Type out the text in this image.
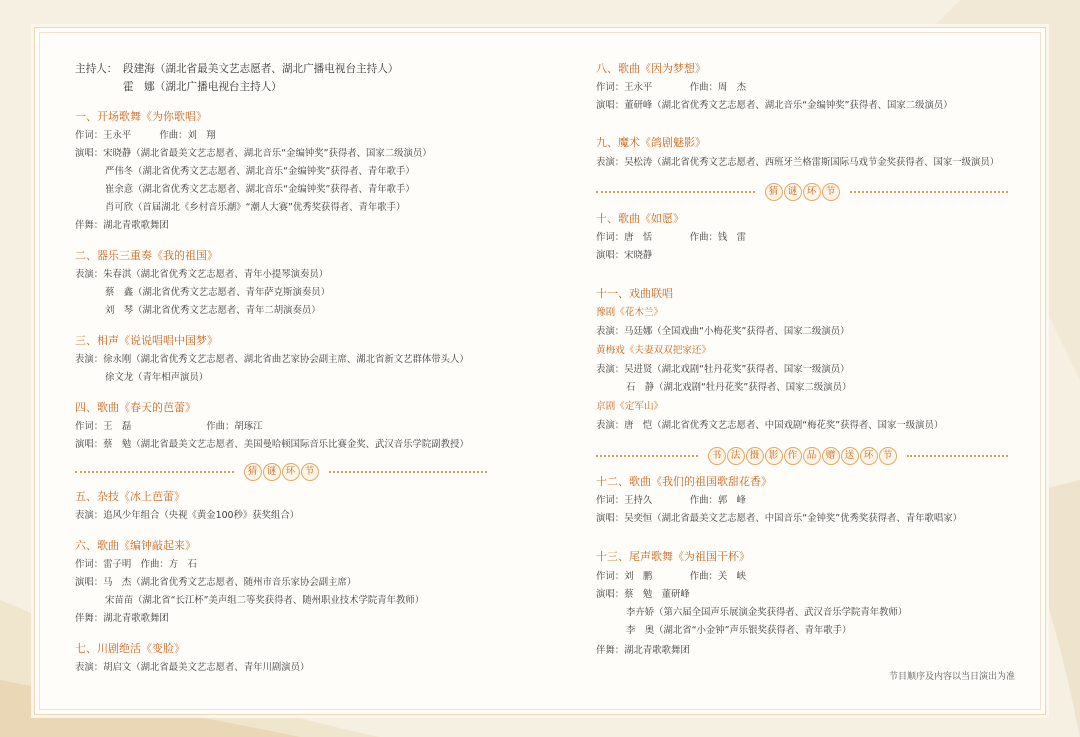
主持人： 段建海（湖北省最美文艺志愿者、湖北广播电视台主持人）
霍　娜（湖北广播电视台主持人）
一、开场歌舞《为你歌唱》
作词：王永平　　　作曲：刘　翔
演唱：宋晓静（湖北省最美文艺志愿者、湖北音乐“金编钟奖”获得者、国家二级演员）
严伟冬（湖北省优秀文艺志愿者、湖北音乐“金编钟奖”获得者、青年歌手）
崔余意（湖北省优秀文艺志愿者、湖北音乐“金编钟奖”获得者、青年歌手）
肖可欣（首届湖北《乡村音乐潮》“潮人大赛”优秀奖获得者、青年歌手）
伴舞：湖北青歌歌舞团
二、器乐三重奏《我的祖国》
表演：朱春淇（湖北省优秀文艺志愿者、青年小提琴演奏员）
蔡　鑫（湖北省优秀文艺志愿者、青年萨克斯演奏员）
刘　琴（湖北省优秀文艺志愿者、青年二胡演奏员）
三、相声《说说唱唱中国梦》
表演：徐永刚（湖北省优秀文艺志愿者、湖北省曲艺家协会副主席、湖北省新文艺群体带头人）
徐文龙（青年相声演员）
四、歌曲《春天的芭蕾》
作词：王　磊　　　　　　　　作曲：胡琢江
演唱：蔡　勉（湖北省最美文艺志愿者、美国曼哈顿国际音乐比赛金奖、武汉音乐学院副教授）
猜 谜 环 节
五、杂技《冰上芭蕾》
表演：追风少年组合（央视《黄金100秒》获奖组合）
六、歌曲《编钟敲起来》
作词：雷子明　作曲：方　石
演唱：马　杰（湖北省优秀文艺志愿者、随州市音乐家协会副主席）
宋苗苗（湖北省“长江杯”美声组二等奖获得者、随州职业技术学院青年教师）
伴舞：湖北青歌歌舞团
七、川剧绝活《变脸》
表演：胡启文（湖北省最美文艺志愿者、青年川剧演员）
八、歌曲《因为梦想》
作词：王永平　　　　作曲：周　杰
演唱：董研峰（湖北省优秀文艺志愿者、湖北音乐“金编钟奖”获得者、国家二级演员）
九、魔术《鸽剧魅影》
表演：吴松涛（湖北省优秀文艺志愿者、西班牙兰格雷斯国际马戏节金奖获得者、国家一级演员）
猜 谜 环 节
十、歌曲《如愿》
作词：唐　恬　　　　作曲：钱　雷
演唱：宋晓静
十一、戏曲联唱
豫剧《花木兰》
表演：马廷娜（全国戏曲“小梅花奖”获得者、国家二级演员）
黄梅戏《夫妻双双把家还》
表演：吴进贤（湖北戏剧“牡丹花奖”获得者、国家一级演员）
石　静（湖北戏剧“牡丹花奖”获得者、国家二级演员）
京剧《定军山》
表演：唐　恺（湖北省优秀文艺志愿者、中国戏剧“梅花奖”获得者、国家一级演员）
书 法 摄 影 作 品 赠 送 环 节
十二、歌曲《我们的祖国歌甜花香》
作词：王持久　　　　作曲：郭　峰
演唱：吴奕恒（湖北省最美文艺志愿者、中国音乐“金钟奖”优秀奖获得者、青年歌唱家）
十三、尾声歌舞《为祖国干杯》
作词：刘　鹏　　　　作曲：关　峡
演唱：蔡　勉　董研峰
李卉娇（第六届全国声乐展演金奖获得者、武汉音乐学院青年教师）
李　奥（湖北省“小金钟”声乐银奖获得者、青年歌手）
伴舞：湖北青歌歌舞团
节目顺序及内容以当日演出为准
